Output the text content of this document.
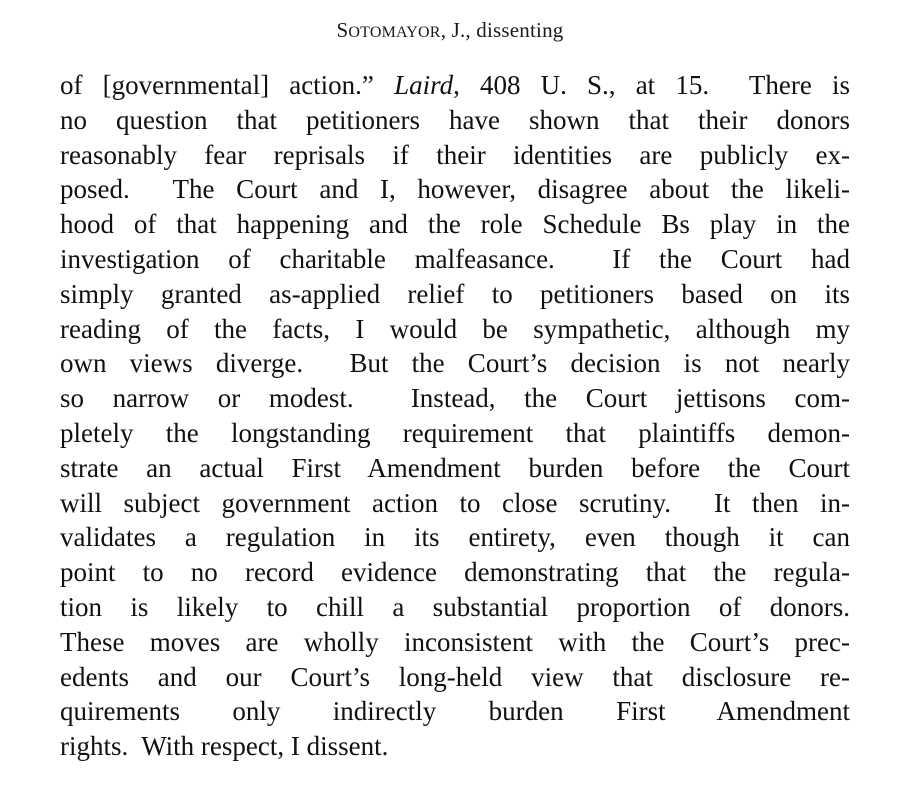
SOTOMAYOR, J., dissenting
of [governmental] action.” Laird, 408 U. S., at 15.  There is
no question that petitioners have shown that their donors
reasonably fear reprisals if their identities are publicly ex-
posed.  The Court and I, however, disagree about the likeli-
hood of that happening and the role Schedule Bs play in the
investigation of charitable malfeasance.  If the Court had
simply granted as-applied relief to petitioners based on its
reading of the facts, I would be sympathetic, although my
own views diverge.  But the Court’s decision is not nearly
so narrow or modest.  Instead, the Court jettisons com-
pletely the longstanding requirement that plaintiffs demon-
strate an actual First Amendment burden before the Court
will subject government action to close scrutiny.  It then in-
validates a regulation in its entirety, even though it can
point to no record evidence demonstrating that the regula-
tion is likely to chill a substantial proportion of donors.
These moves are wholly inconsistent with the Court’s prec-
edents and our Court’s long-held view that disclosure re-
quirements only indirectly burden First Amendment
rights.  With respect, I dissent.
